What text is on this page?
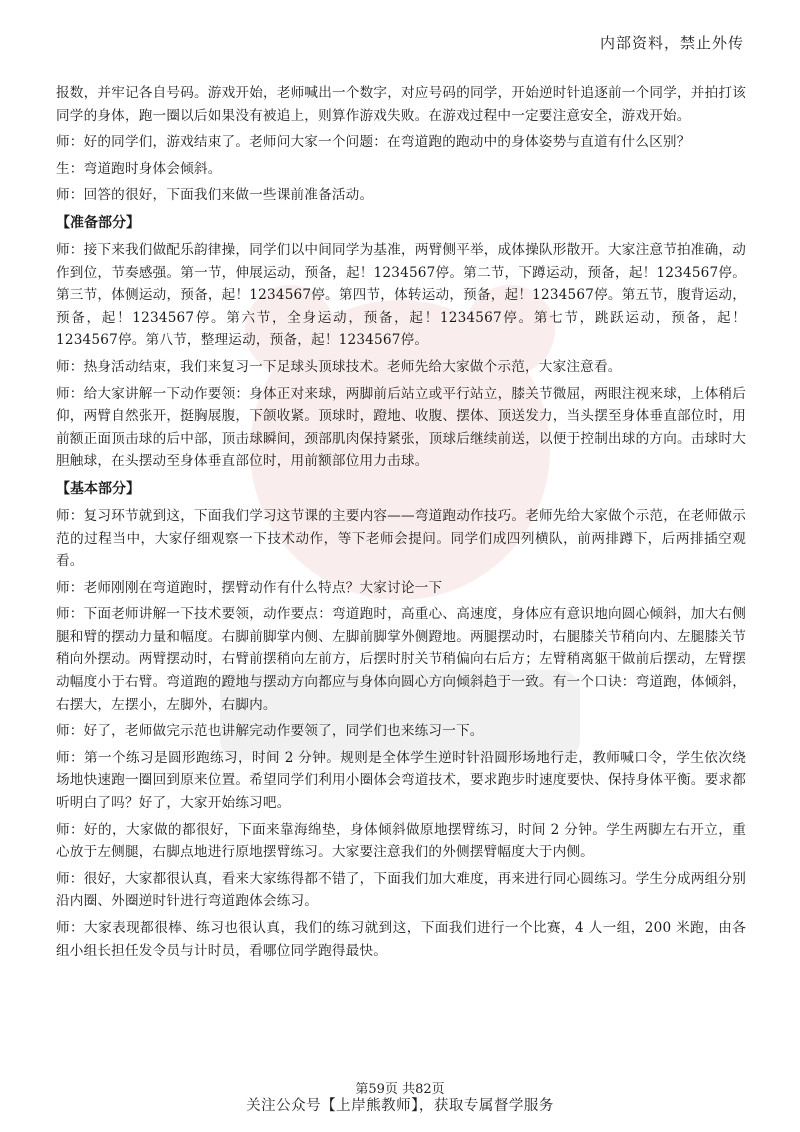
内部资料，禁止外传

报数，并牢记各自号码。游戏开始，老师喊出一个数字，对应号码的同学，开始逆时针追逐前一个同学，并拍打该同学的身体，跑一圈以后如果没有被追上，则算作游戏失败。在游戏过程中一定要注意安全，游戏开始。

师：好的同学们，游戏结束了。老师问大家一个问题：在弯道跑的跑动中的身体姿势与直道有什么区别？

生：弯道跑时身体会倾斜。

师：回答的很好，下面我们来做一些课前准备活动。

【准备部分】

师：接下来我们做配乐韵律操，同学们以中间同学为基准，两臂侧平举，成体操队形散开。大家注意节拍准确，动作到位，节奏感强。第一节，伸展运动，预备，起！1234567停。第二节，下蹲运动，预备，起！1234567停。第三节，体侧运动，预备，起！1234567停。第四节，体转运动，预备，起！1234567停。第五节，腹背运动，预备，起！1234567停。第六节，全身运动，预备，起！1234567停。第七节，跳跃运动，预备，起！1234567停。第八节，整理运动，预备，起！1234567停。

师：热身活动结束，我们来复习一下足球头顶球技术。老师先给大家做个示范，大家注意看。

师：给大家讲解一下动作要领：身体正对来球，两脚前后站立或平行站立，膝关节微屈，两眼注视来球，上体稍后仰，两臂自然张开，挺胸展腹，下颌收紧。顶球时，蹬地、收腹、摆体、顶送发力，当头摆至身体垂直部位时，用前额正面顶击球的后中部，顶击球瞬间，颈部肌肉保持紧张，顶球后继续前送，以便于控制出球的方向。击球时大胆触球，在头摆动至身体垂直部位时，用前额部位用力击球。

【基本部分】

师：复习环节就到这，下面我们学习这节课的主要内容——弯道跑动作技巧。老师先给大家做个示范，在老师做示范的过程当中，大家仔细观察一下技术动作，等下老师会提问。同学们成四列横队，前两排蹲下，后两排插空观看。

师：老师刚刚在弯道跑时，摆臂动作有什么特点？大家讨论一下

师：下面老师讲解一下技术要领，动作要点：弯道跑时，高重心、高速度，身体应有意识地向圆心倾斜，加大右侧腿和臂的摆动力量和幅度。右脚前脚掌内侧、左脚前脚掌外侧蹬地。两腿摆动时，右腿膝关节稍向内、左腿膝关节稍向外摆动。两臂摆动时，右臂前摆稍向左前方，后摆时肘关节稍偏向右后方；左臂稍离躯干做前后摆动，左臂摆动幅度小于右臂。弯道跑的蹬地与摆动方向都应与身体向圆心方向倾斜趋于一致。有一个口诀：弯道跑，体倾斜，右摆大，左摆小，左脚外，右脚内。

师：好了，老师做完示范也讲解完动作要领了，同学们也来练习一下。

师：第一个练习是圆形跑练习，时间 2 分钟。规则是全体学生逆时针沿圆形场地行走，教师喊口令，学生依次绕场地快速跑一圈回到原来位置。希望同学们利用小圈体会弯道技术，要求跑步时速度要快、保持身体平衡。要求都听明白了吗？好了，大家开始练习吧。

师：好的，大家做的都很好，下面来靠海绵垫，身体倾斜做原地摆臂练习，时间 2 分钟。学生两脚左右开立，重心放于左侧腿，右脚点地进行原地摆臂练习。大家要注意我们的外侧摆臂幅度大于内侧。

师：很好，大家都很认真，看来大家练得都不错了，下面我们加大难度，再来进行同心圆练习。学生分成两组分别沿内圈、外圈逆时针进行弯道跑体会练习。

师：大家表现都很棒、练习也很认真，我们的练习就到这，下面我们进行一个比赛，4 人一组，200 米跑，由各组小组长担任发令员与计时员，看哪位同学跑得最快。

第59页 共82页
关注公众号【上岸熊教师】，获取专属督学服务
